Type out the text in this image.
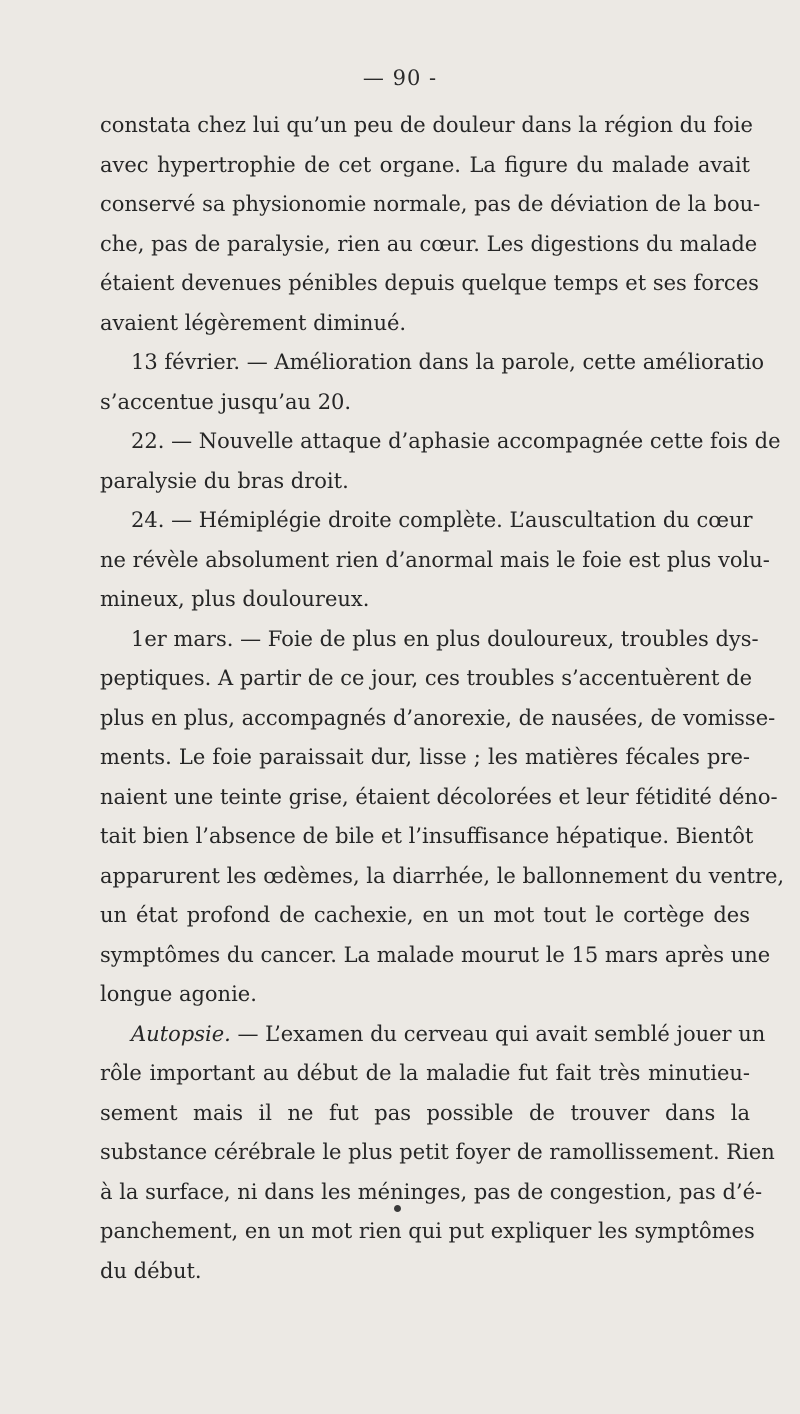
— 90 -
constata chez lui qu’un peu de douleur dans la région du foie
avec hypertrophie de cet organe. La figure du malade avait
conservé sa physionomie normale, pas de déviation de la bou-
che, pas de paralysie, rien au cœur. Les digestions du malade
étaient devenues pénibles depuis quelque temps et ses forces
avaient légèrement diminué.
13 février. — Amélioration dans la parole, cette amélioratio
s’accentue jusqu’au 20.
22. — Nouvelle attaque d’aphasie accompagnée cette fois de
paralysie du bras droit.
24. — Hémiplégie droite complète. L’auscultation du cœur
ne révèle absolument rien d’anormal mais le foie est plus volu-
mineux, plus douloureux.
1er mars. — Foie de plus en plus douloureux, troubles dys-
peptiques. A partir de ce jour, ces troubles s’accentuèrent de
plus en plus, accompagnés d’anorexie, de nausées, de vomisse-
ments. Le foie paraissait dur, lisse ; les matières fécales pre-
naient une teinte grise, étaient décolorées et leur fétidité déno-
tait bien l’absence de bile et l’insuffisance hépatique. Bientôt
apparurent les œdèmes, la diarrhée, le ballonnement du ventre,
un état profond de cachexie, en un mot tout le cortège des
symptômes du cancer. La malade mourut le 15 mars après une
longue agonie.
Autopsie. — L’examen du cerveau qui avait semblé jouer un
rôle important au début de la maladie fut fait très minutieu-
sement mais il ne fut pas possible de trouver dans la
substance cérébrale le plus petit foyer de ramollissement. Rien
à la surface, ni dans les méninges, pas de congestion, pas d’é-
panchement, en un mot rien qui put expliquer les symptômes
du début.
